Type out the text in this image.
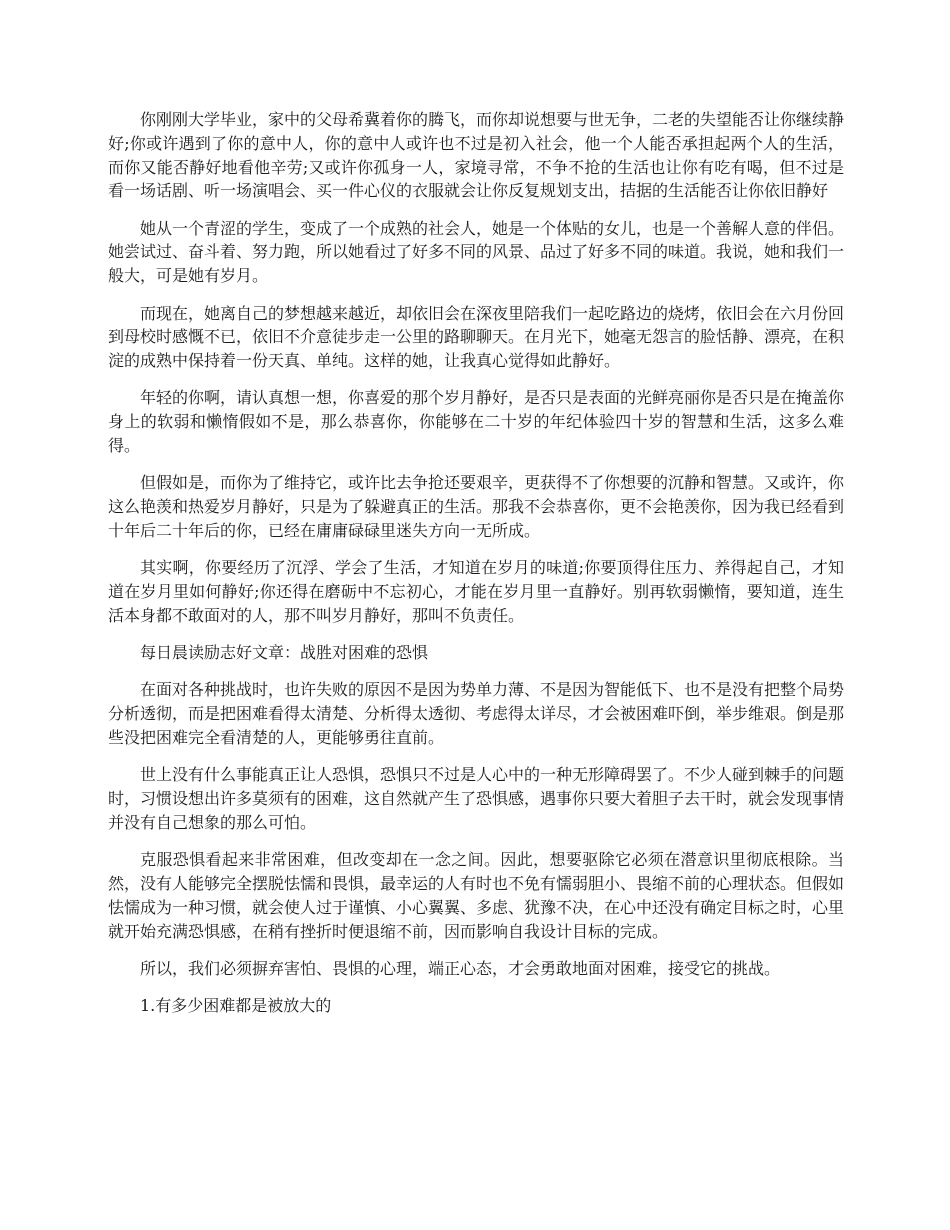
你刚刚大学毕业，家中的父母希冀着你的腾飞，而你却说想要与世无争，二老的失望能否让你继续静好;你或许遇到了你的意中人，你的意中人或许也不过是初入社会，他一个人能否承担起两个人的生活，而你又能否静好地看他辛劳;又或许你孤身一人，家境寻常，不争不抢的生活也让你有吃有喝，但不过是看一场话剧、听一场演唱会、买一件心仪的衣服就会让你反复规划支出，拮据的生活能否让你依旧静好

她从一个青涩的学生，变成了一个成熟的社会人，她是一个体贴的女儿，也是一个善解人意的伴侣。她尝试过、奋斗着、努力跑，所以她看过了好多不同的风景、品过了好多不同的味道。我说，她和我们一般大，可是她有岁月。

而现在，她离自己的梦想越来越近，却依旧会在深夜里陪我们一起吃路边的烧烤，依旧会在六月份回到母校时感慨不已，依旧不介意徒步走一公里的路聊聊天。在月光下，她毫无怨言的脸恬静、漂亮，在积淀的成熟中保持着一份天真、单纯。这样的她，让我真心觉得如此静好。

年轻的你啊，请认真想一想，你喜爱的那个岁月静好，是否只是表面的光鲜亮丽你是否只是在掩盖你身上的软弱和懒惰假如不是，那么恭喜你，你能够在二十岁的年纪体验四十岁的智慧和生活，这多么难得。

但假如是，而你为了维持它，或许比去争抢还要艰辛，更获得不了你想要的沉静和智慧。又或许，你这么艳羡和热爱岁月静好，只是为了躲避真正的生活。那我不会恭喜你，更不会艳羡你，因为我已经看到十年后二十年后的你，已经在庸庸碌碌里迷失方向一无所成。

其实啊，你要经历了沉浮、学会了生活，才知道在岁月的味道;你要顶得住压力、养得起自己，才知道在岁月里如何静好;你还得在磨砺中不忘初心，才能在岁月里一直静好。别再软弱懒惰，要知道，连生活本身都不敢面对的人，那不叫岁月静好，那叫不负责任。

每日晨读励志好文章：战胜对困难的恐惧

在面对各种挑战时，也许失败的原因不是因为势单力薄、不是因为智能低下、也不是没有把整个局势分析透彻，而是把困难看得太清楚、分析得太透彻、考虑得太详尽，才会被困难吓倒，举步维艰。倒是那些没把困难完全看清楚的人，更能够勇往直前。

世上没有什么事能真正让人恐惧，恐惧只不过是人心中的一种无形障碍罢了。不少人碰到棘手的问题时，习惯设想出许多莫须有的困难，这自然就产生了恐惧感，遇事你只要大着胆子去干时，就会发现事情并没有自己想象的那么可怕。

克服恐惧看起来非常困难，但改变却在一念之间。因此，想要驱除它必须在潜意识里彻底根除。当然，没有人能够完全摆脱怯懦和畏惧，最幸运的人有时也不免有懦弱胆小、畏缩不前的心理状态。但假如怯懦成为一种习惯，就会使人过于谨慎、小心翼翼、多虑、犹豫不决，在心中还没有确定目标之时，心里就开始充满恐惧感，在稍有挫折时便退缩不前，因而影响自我设计目标的完成。

所以，我们必须摒弃害怕、畏惧的心理，端正心态，才会勇敢地面对困难，接受它的挑战。

1.有多少困难都是被放大的
